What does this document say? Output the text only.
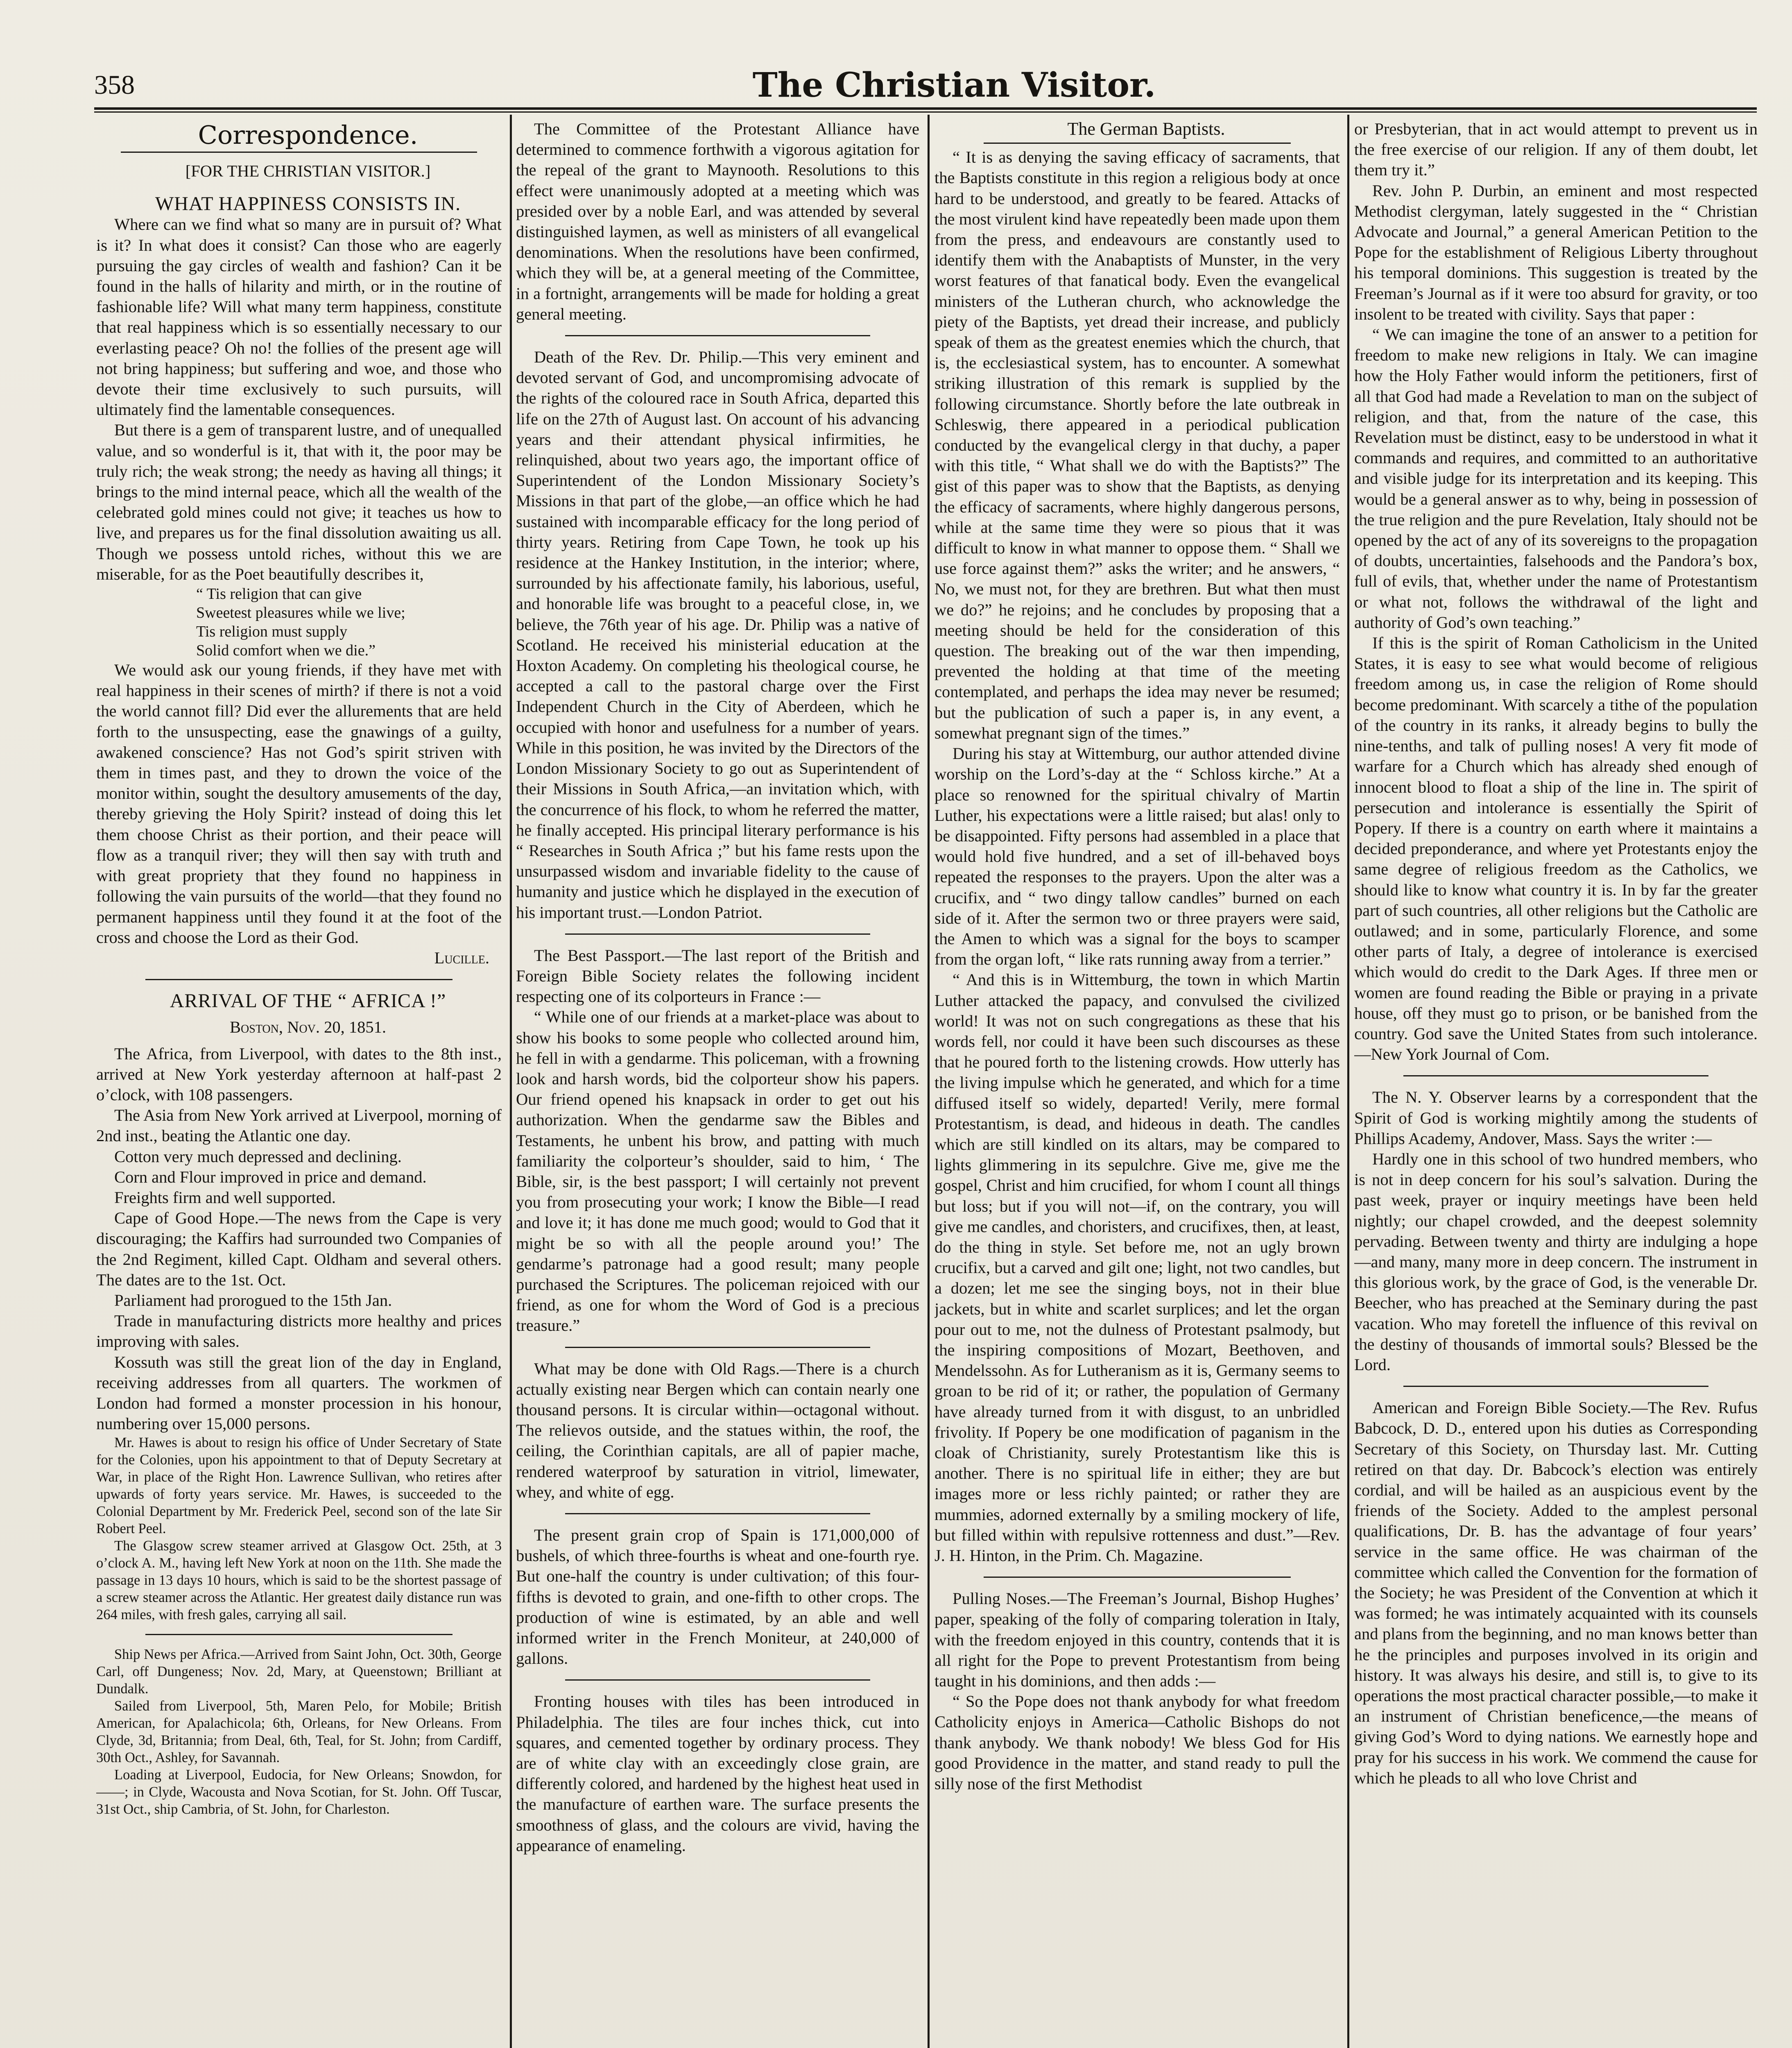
358	The Christian Visitor.

Correspondence.

[FOR THE CHRISTIAN VISITOR.]

WHAT HAPPINESS CONSISTS IN.

Where can we find what so many are in pursuit of? What is it? In what does it consist? Can those who are eagerly pursuing the gay circles of wealth and fashion? Can it be found in the halls of hilarity and mirth, or in the routine of fashionable life? Will what many term happiness, constitute that real happiness which is so essentially necessary to our everlasting peace? Oh no! the follies of the present age will not bring happiness; but suffering and woe, and those who devote their time exclusively to such pursuits, will ultimately find the lamentable consequences.

But there is a gem of transparent lustre, and of unequalled value, and so wonderful is it, that with it, the poor may be truly rich; the weak strong; the needy as having all things; it brings to the mind internal peace, which all the wealth of the celebrated gold mines could not give; it teaches us how to live, and prepares us for the final dissolution awaiting us all. Though we possess untold riches, without this we are miserable, for as the Poet beautifully describes it,

“ Tis religion that can give

Sweetest pleasures while we live;

Tis religion must supply

Solid comfort when we die.”

We would ask our young friends, if they have met with real happiness in their scenes of mirth? if there is not a void the world cannot fill? Did ever the allurements that are held forth to the unsuspecting, ease the gnawings of a guilty, awakened conscience? Has not God’s spirit striven with them in times past, and they to drown the voice of the monitor within, sought the desultory amusements of the day, thereby grieving the Holy Spirit? instead of doing this let them choose Christ as their portion, and their peace will flow as a tranquil river; they will then say with truth and with great propriety that they found no happiness in following the vain pursuits of the world—that they found no permanent happiness until they found it at the foot of the cross and choose the Lord as their God.

Lucille.

ARRIVAL OF THE “ AFRICA !”

Boston, Nov. 20, 1851.

The Africa, from Liverpool, with dates to the 8th inst., arrived at New York yesterday afternoon at half-past 2 o’clock, with 108 passengers.

The Asia from New York arrived at Liverpool, morning of 2nd inst., beating the Atlantic one day.

Cotton very much depressed and declining.

Corn and Flour improved in price and demand.

Freights firm and well supported.

Cape of Good Hope.—The news from the Cape is very discouraging; the Kaffirs had surrounded two Companies of the 2nd Regiment, killed Capt. Oldham and several others. The dates are to the 1st. Oct.

Parliament had prorogued to the 15th Jan.

Trade in manufacturing districts more healthy and prices improving with sales.

Kossuth was still the great lion of the day in England, receiving addresses from all quarters. The workmen of London had formed a monster procession in his honour, numbering over 15,000 persons.

Mr. Hawes is about to resign his office of Under Secretary of State for the Colonies, upon his appointment to that of Deputy Secretary at War, in place of the Right Hon. Lawrence Sullivan, who retires after upwards of forty years service. Mr. Hawes, is succeeded to the Colonial Department by Mr. Frederick Peel, second son of the late Sir Robert Peel.

The Glasgow screw steamer arrived at Glasgow Oct. 25th, at 3 o’clock A. M., having left New York at noon on the 11th. She made the passage in 13 days 10 hours, which is said to be the shortest passage of a screw steamer across the Atlantic. Her greatest daily distance run was 264 miles, with fresh gales, carrying all sail.

Ship News per Africa.—Arrived from Saint John, Oct. 30th, George Carl, off Dungeness; Nov. 2d, Mary, at Queenstown; Brilliant at Dundalk.

Sailed from Liverpool, 5th, Maren Pelo, for Mobile; British American, for Apalachicola; 6th, Orleans, for New Orleans. From Clyde, 3d, Britannia; from Deal, 6th, Teal, for St. John; from Cardiff, 30th Oct., Ashley, for Savannah.

Loading at Liverpool, Eudocia, for New Orleans; Snowdon, for ——; in Clyde, Wacousta and Nova Scotian, for St. John. Off Tuscar, 31st Oct., ship Cambria, of St. John, for Charleston.

The Committee of the Protestant Alliance have determined to commence forthwith a vigorous agitation for the repeal of the grant to Maynooth. Resolutions to this effect were unanimously adopted at a meeting which was presided over by a noble Earl, and was attended by several distinguished laymen, as well as ministers of all evangelical denominations. When the resolutions have been confirmed, which they will be, at a general meeting of the Committee, in a fortnight, arrangements will be made for holding a great general meeting.

Death of the Rev. Dr. Philip.—This very eminent and devoted servant of God, and uncompromising advocate of the rights of the coloured race in South Africa, departed this life on the 27th of August last. On account of his advancing years and their attendant physical infirmities, he relinquished, about two years ago, the important office of Superintendent of the London Missionary Society’s Missions in that part of the globe,—an office which he had sustained with incomparable efficacy for the long period of thirty years. Retiring from Cape Town, he took up his residence at the Hankey Institution, in the interior; where, surrounded by his affectionate family, his laborious, useful, and honorable life was brought to a peaceful close, in, we believe, the 76th year of his age. Dr. Philip was a native of Scotland. He received his ministerial education at the Hoxton Academy. On completing his theological course, he accepted a call to the pastoral charge over the First Independent Church in the City of Aberdeen, which he occupied with honor and usefulness for a number of years. While in this position, he was invited by the Directors of the London Missionary Society to go out as Superintendent of their Missions in South Africa,—an invitation which, with the concurrence of his flock, to whom he referred the matter, he finally accepted. His principal literary performance is his “ Researches in South Africa ;” but his fame rests upon the unsurpassed wisdom and invariable fidelity to the cause of humanity and justice which he displayed in the execution of his important trust.—London Patriot.

The Best Passport.—The last report of the British and Foreign Bible Society relates the following incident respecting one of its colporteurs in France :—

“ While one of our friends at a market-place was about to show his books to some people who collected around him, he fell in with a gendarme. This policeman, with a frowning look and harsh words, bid the colporteur show his papers. Our friend opened his knapsack in order to get out his authorization. When the gendarme saw the Bibles and Testaments, he unbent his brow, and patting with much familiarity the colporteur’s shoulder, said to him, ‘ The Bible, sir, is the best passport; I will certainly not prevent you from prosecuting your work; I know the Bible—I read and love it; it has done me much good; would to God that it might be so with all the people around you!’ The gendarme’s patronage had a good result; many people purchased the Scriptures. The policeman rejoiced with our friend, as one for whom the Word of God is a precious treasure.”

What may be done with Old Rags.—There is a church actually existing near Bergen which can contain nearly one thousand persons. It is circular within—octagonal without. The relievos outside, and the statues within, the roof, the ceiling, the Corinthian capitals, are all of papier mache, rendered waterproof by saturation in vitriol, limewater, whey, and white of egg.

The present grain crop of Spain is 171,000,000 of bushels, of which three-fourths is wheat and one-fourth rye. But one-half the country is under cultivation; of this four-fifths is devoted to grain, and one-fifth to other crops. The production of wine is estimated, by an able and well informed writer in the French Moniteur, at 240,000 of gallons.

Fronting houses with tiles has been introduced in Philadelphia. The tiles are four inches thick, cut into squares, and cemented together by ordinary process. They are of white clay with an exceedingly close grain, are differently colored, and hardened by the highest heat used in the manufacture of earthen ware. The surface presents the smoothness of glass, and the colours are vivid, having the appearance of enameling.

The German Baptists.

“ It is as denying the saving efficacy of sacraments, that the Baptists constitute in this region a religious body at once hard to be understood, and greatly to be feared. Attacks of the most virulent kind have repeatedly been made upon them from the press, and endeavours are constantly used to identify them with the Anabaptists of Munster, in the very worst features of that fanatical body. Even the evangelical ministers of the Lutheran church, who acknowledge the piety of the Baptists, yet dread their increase, and publicly speak of them as the greatest enemies which the church, that is, the ecclesiastical system, has to encounter. A somewhat striking illustration of this remark is supplied by the following circumstance. Shortly before the late outbreak in Schleswig, there appeared in a periodical publication conducted by the evangelical clergy in that duchy, a paper with this title, “ What shall we do with the Baptists?” The gist of this paper was to show that the Baptists, as denying the efficacy of sacraments, where highly dangerous persons, while at the same time they were so pious that it was difficult to know in what manner to oppose them. “ Shall we use force against them?” asks the writer; and he answers, “ No, we must not, for they are brethren. But what then must we do?” he rejoins; and he concludes by proposing that a meeting should be held for the consideration of this question. The breaking out of the war then impending, prevented the holding at that time of the meeting contemplated, and perhaps the idea may never be resumed; but the publication of such a paper is, in any event, a somewhat pregnant sign of the times.”

During his stay at Wittemburg, our author attended divine worship on the Lord’s-day at the “ Schloss kirche.” At a place so renowned for the spiritual chivalry of Martin Luther, his expectations were a little raised; but alas! only to be disappointed. Fifty persons had assembled in a place that would hold five hundred, and a set of ill-behaved boys repeated the responses to the prayers. Upon the alter was a crucifix, and “ two dingy tallow candles” burned on each side of it. After the sermon two or three prayers were said, the Amen to which was a signal for the boys to scamper from the organ loft, “ like rats running away from a terrier.”

“ And this is in Wittemburg, the town in which Martin Luther attacked the papacy, and convulsed the civilized world! It was not on such congregations as these that his words fell, nor could it have been such discourses as these that he poured forth to the listening crowds. How utterly has the living impulse which he generated, and which for a time diffused itself so widely, departed! Verily, mere formal Protestantism, is dead, and hideous in death. The candles which are still kindled on its altars, may be compared to lights glimmering in its sepulchre. Give me, give me the gospel, Christ and him crucified, for whom I count all things but loss; but if you will not—if, on the contrary, you will give me candles, and choristers, and crucifixes, then, at least, do the thing in style. Set before me, not an ugly brown crucifix, but a carved and gilt one; light, not two candles, but a dozen; let me see the singing boys, not in their blue jackets, but in white and scarlet surplices; and let the organ pour out to me, not the dulness of Protestant psalmody, but the inspiring compositions of Mozart, Beethoven, and Mendelssohn. As for Lutheranism as it is, Germany seems to groan to be rid of it; or rather, the population of Germany have already turned from it with disgust, to an unbridled frivolity. If Popery be one modification of paganism in the cloak of Christianity, surely Protestantism like this is another. There is no spiritual life in either; they are but images more or less richly painted; or rather they are mummies, adorned externally by a smiling mockery of life, but filled within with repulsive rottenness and dust.”—Rev. J. H. Hinton, in the Prim. Ch. Magazine.

Pulling Noses.—The Freeman’s Journal, Bishop Hughes’ paper, speaking of the folly of comparing toleration in Italy, with the freedom enjoyed in this country, contends that it is all right for the Pope to prevent Protestantism from being taught in his dominions, and then adds :—

“ So the Pope does not thank anybody for what freedom Catholicity enjoys in America—Catholic Bishops do not thank anybody. We thank nobody! We bless God for His good Providence in the matter, and stand ready to pull the silly nose of the first Methodist

or Presbyterian, that in act would attempt to prevent us in the free exercise of our religion. If any of them doubt, let them try it.”

Rev. John P. Durbin, an eminent and most respected Methodist clergyman, lately suggested in the “ Christian Advocate and Journal,” a general American Petition to the Pope for the establishment of Religious Liberty throughout his temporal dominions. This suggestion is treated by the Freeman’s Journal as if it were too absurd for gravity, or too insolent to be treated with civility. Says that paper :

“ We can imagine the tone of an answer to a petition for freedom to make new religions in Italy. We can imagine how the Holy Father would inform the petitioners, first of all that God had made a Revelation to man on the subject of religion, and that, from the nature of the case, this Revelation must be distinct, easy to be understood in what it commands and requires, and committed to an authoritative and visible judge for its interpretation and its keeping. This would be a general answer as to why, being in possession of the true religion and the pure Revelation, Italy should not be opened by the act of any of its sovereigns to the propagation of doubts, uncertainties, falsehoods and the Pandora’s box, full of evils, that, whether under the name of Protestantism or what not, follows the withdrawal of the light and authority of God’s own teaching.”

If this is the spirit of Roman Catholicism in the United States, it is easy to see what would become of religious freedom among us, in case the religion of Rome should become predominant. With scarcely a tithe of the population of the country in its ranks, it already begins to bully the nine-tenths, and talk of pulling noses! A very fit mode of warfare for a Church which has already shed enough of innocent blood to float a ship of the line in. The spirit of persecution and intolerance is essentially the Spirit of Popery. If there is a country on earth where it maintains a decided preponderance, and where yet Protestants enjoy the same degree of religious freedom as the Catholics, we should like to know what country it is. In by far the greater part of such countries, all other religions but the Catholic are outlawed; and in some, particularly Florence, and some other parts of Italy, a degree of intolerance is exercised which would do credit to the Dark Ages. If three men or women are found reading the Bible or praying in a private house, off they must go to prison, or be banished from the country. God save the United States from such intolerance.—New York Journal of Com.

The N. Y. Observer learns by a correspondent that the Spirit of God is working mightily among the students of Phillips Academy, Andover, Mass. Says the writer :—

Hardly one in this school of two hundred members, who is not in deep concern for his soul’s salvation. During the past week, prayer or inquiry meetings have been held nightly; our chapel crowded, and the deepest solemnity pervading. Between twenty and thirty are indulging a hope—and many, many more in deep concern. The instrument in this glorious work, by the grace of God, is the venerable Dr. Beecher, who has preached at the Seminary during the past vacation. Who may foretell the influence of this revival on the destiny of thousands of immortal souls? Blessed be the Lord.

American and Foreign Bible Society.—The Rev. Rufus Babcock, D. D., entered upon his duties as Corresponding Secretary of this Society, on Thursday last. Mr. Cutting retired on that day. Dr. Babcock’s election was entirely cordial, and will be hailed as an auspicious event by the friends of the Society. Added to the amplest personal qualifications, Dr. B. has the advantage of four years’ service in the same office. He was chairman of the committee which called the Convention for the formation of the Society; he was President of the Convention at which it was formed; he was intimately acquainted with its counsels and plans from the beginning, and no man knows better than he the principles and purposes involved in its origin and history. It was always his desire, and still is, to give to its operations the most practical character possible,—to make it an instrument of Christian beneficence,—the means of giving God’s Word to dying nations. We earnestly hope and pray for his success in his work. We commend the cause for which he pleads to all who love Christ and
